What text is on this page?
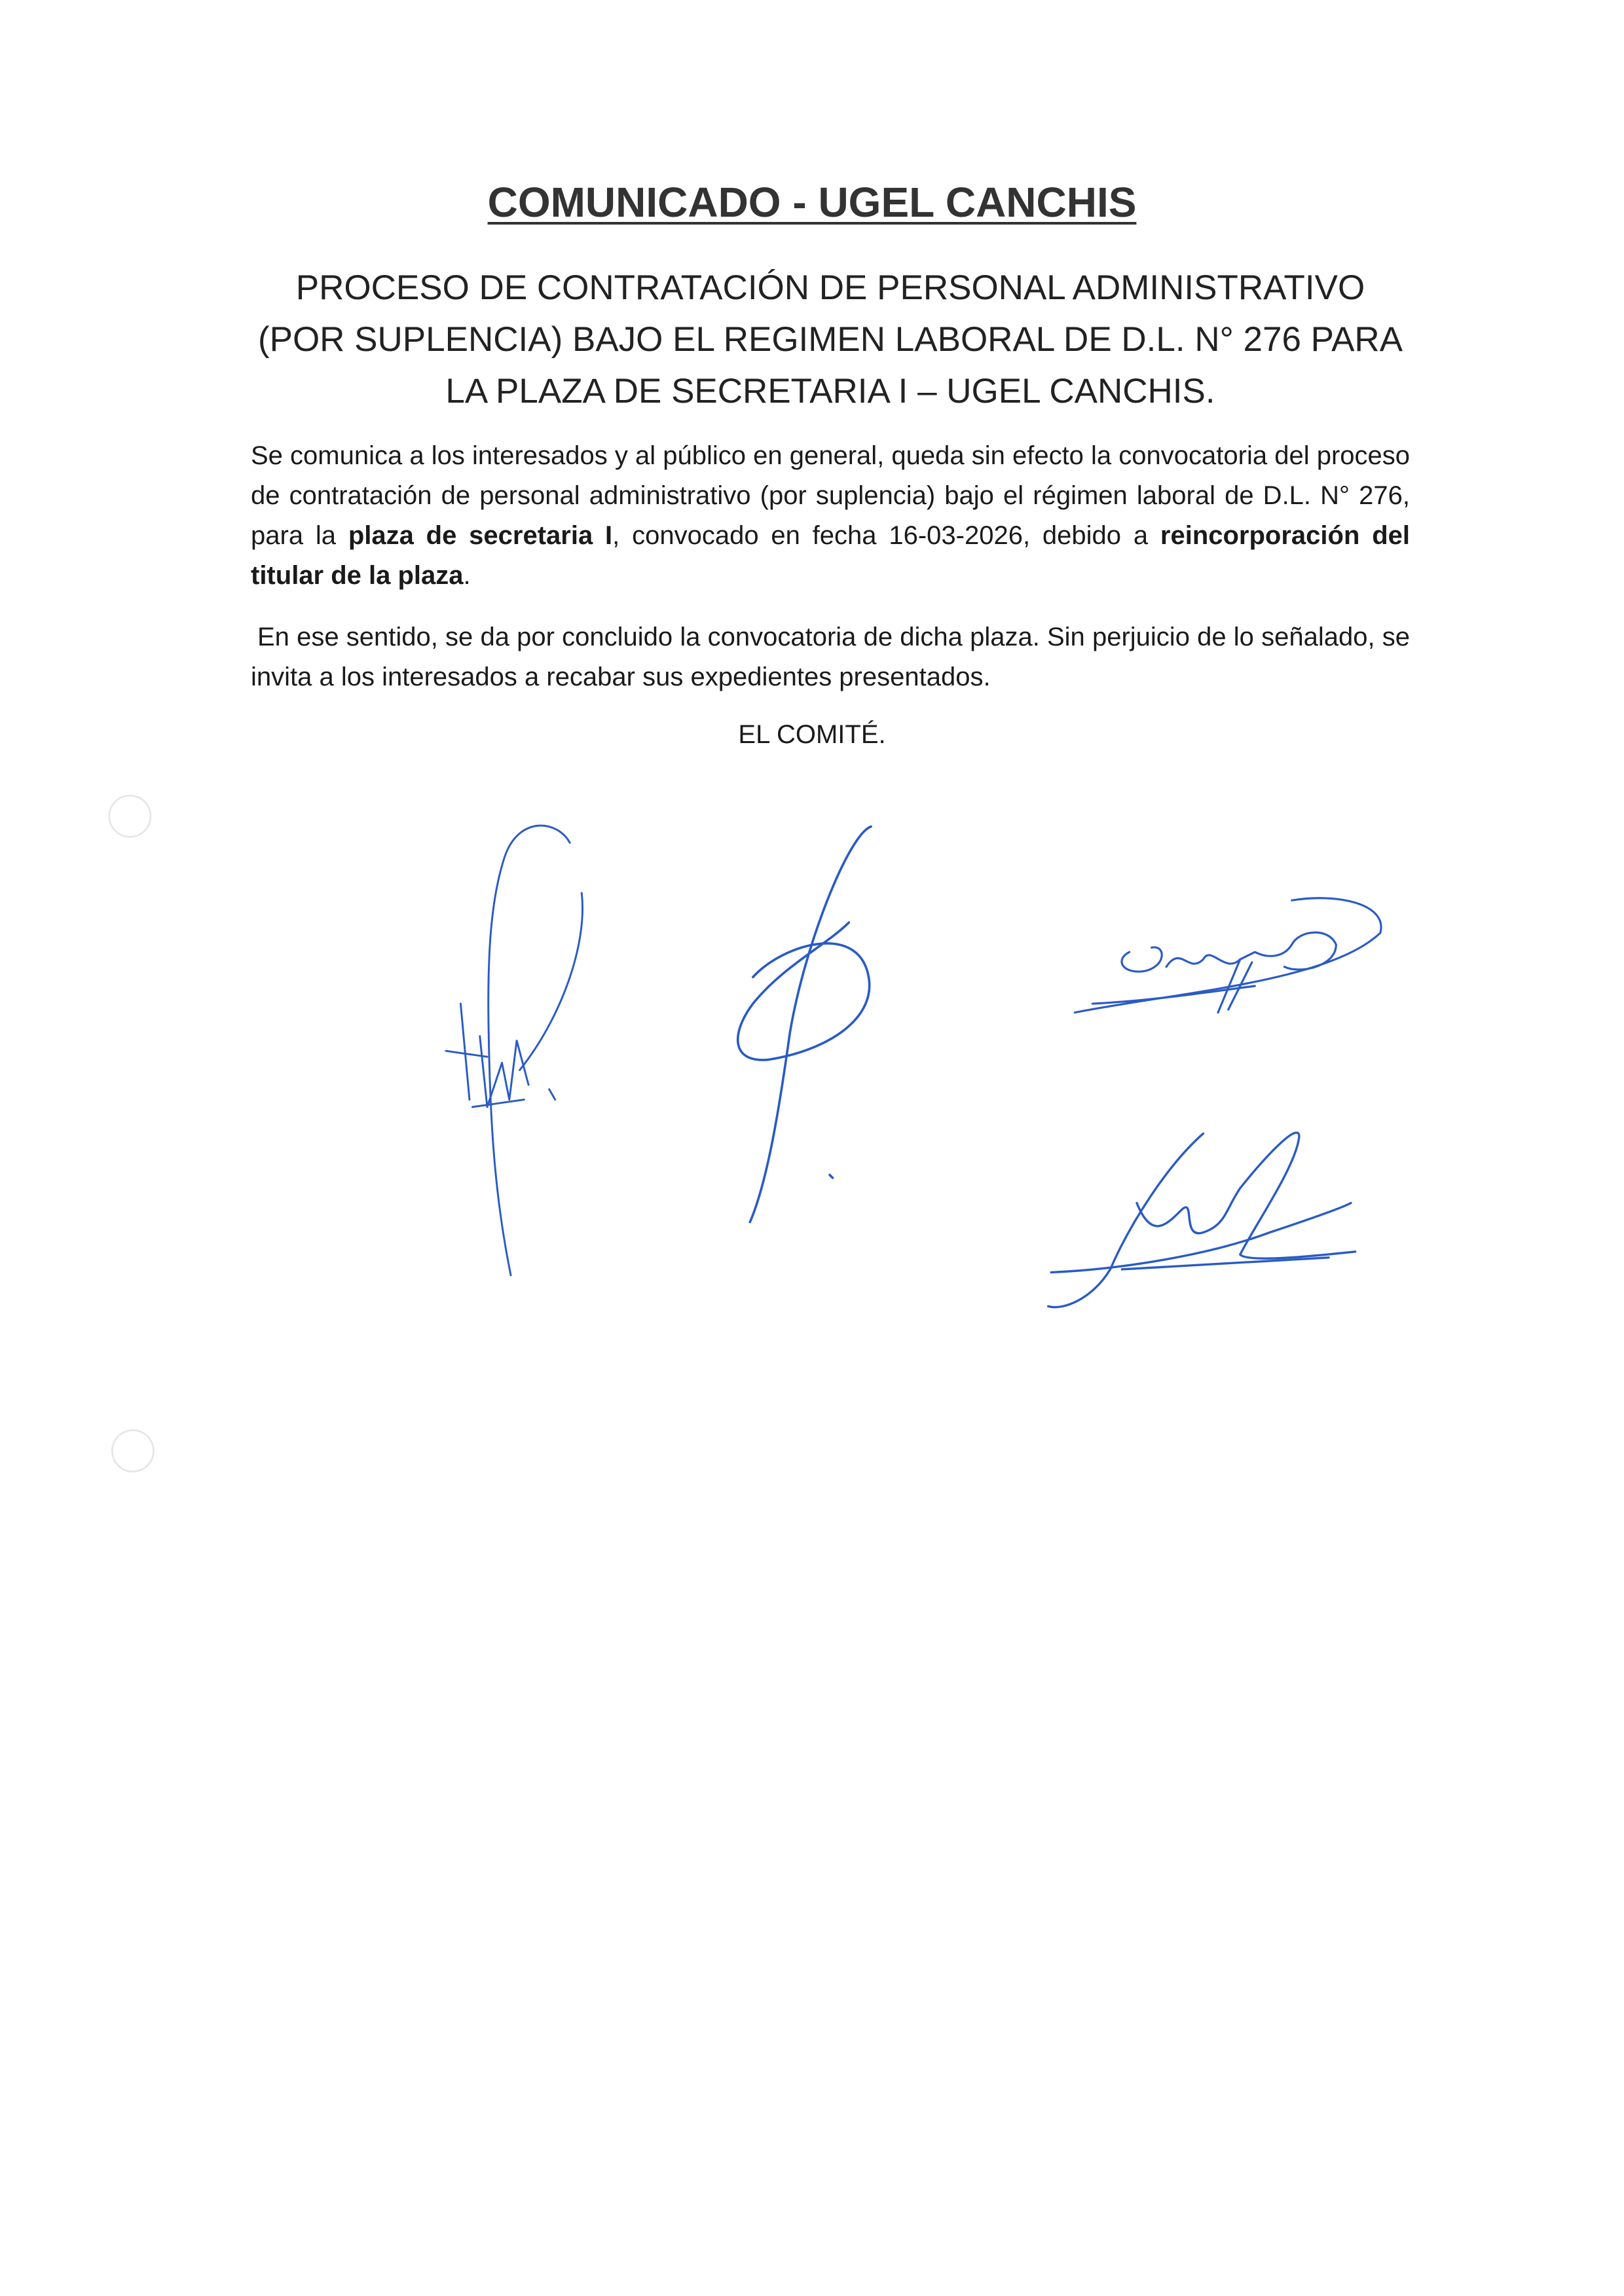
COMUNICADO - UGEL CANCHIS
PROCESO DE CONTRATACIÓN DE PERSONAL ADMINISTRATIVO (POR SUPLENCIA) BAJO EL REGIMEN LABORAL DE D.L. N° 276 PARA LA PLAZA DE SECRETARIA I – UGEL CANCHIS.
Se comunica a los interesados y al público en general, queda sin efecto la convocatoria del proceso de contratación de personal administrativo (por suplencia) bajo el régimen laboral de D.L. N° 276, para la plaza de secretaria I, convocado en fecha 16-03-2026, debido a reincorporación del titular de la plaza.
En ese sentido, se da por concluido la convocatoria de dicha plaza. Sin perjuicio de lo señalado, se invita a los interesados a recabar sus expedientes presentados.
EL COMITÉ.
